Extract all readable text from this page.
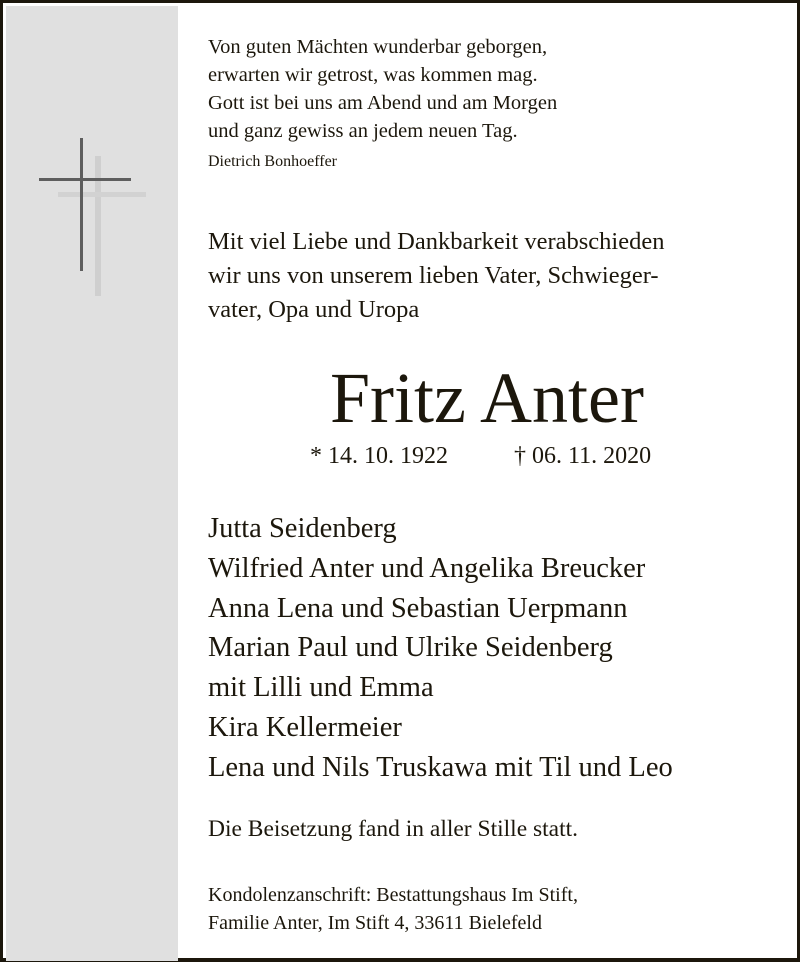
Von guten Mächten wunderbar geborgen,
erwarten wir getrost, was kommen mag.
Gott ist bei uns am Abend und am Morgen
und ganz gewiss an jedem neuen Tag.
Dietrich Bonhoeffer
Mit viel Liebe und Dankbarkeit verabschieden
wir uns von unserem lieben Vater, Schwieger-
vater, Opa und Uropa
Fritz Anter
* 14. 10. 1922	† 06. 11. 2020
Jutta Seidenberg
Wilfried Anter und Angelika Breucker
Anna Lena und Sebastian Uerpmann
Marian Paul und Ulrike Seidenberg
mit Lilli und Emma
Kira Kellermeier
Lena und Nils Truskawa mit Til und Leo
Die Beisetzung fand in aller Stille statt.
Kondolenzanschrift: Bestattungshaus Im Stift,
Familie Anter, Im Stift 4, 33611 Bielefeld
